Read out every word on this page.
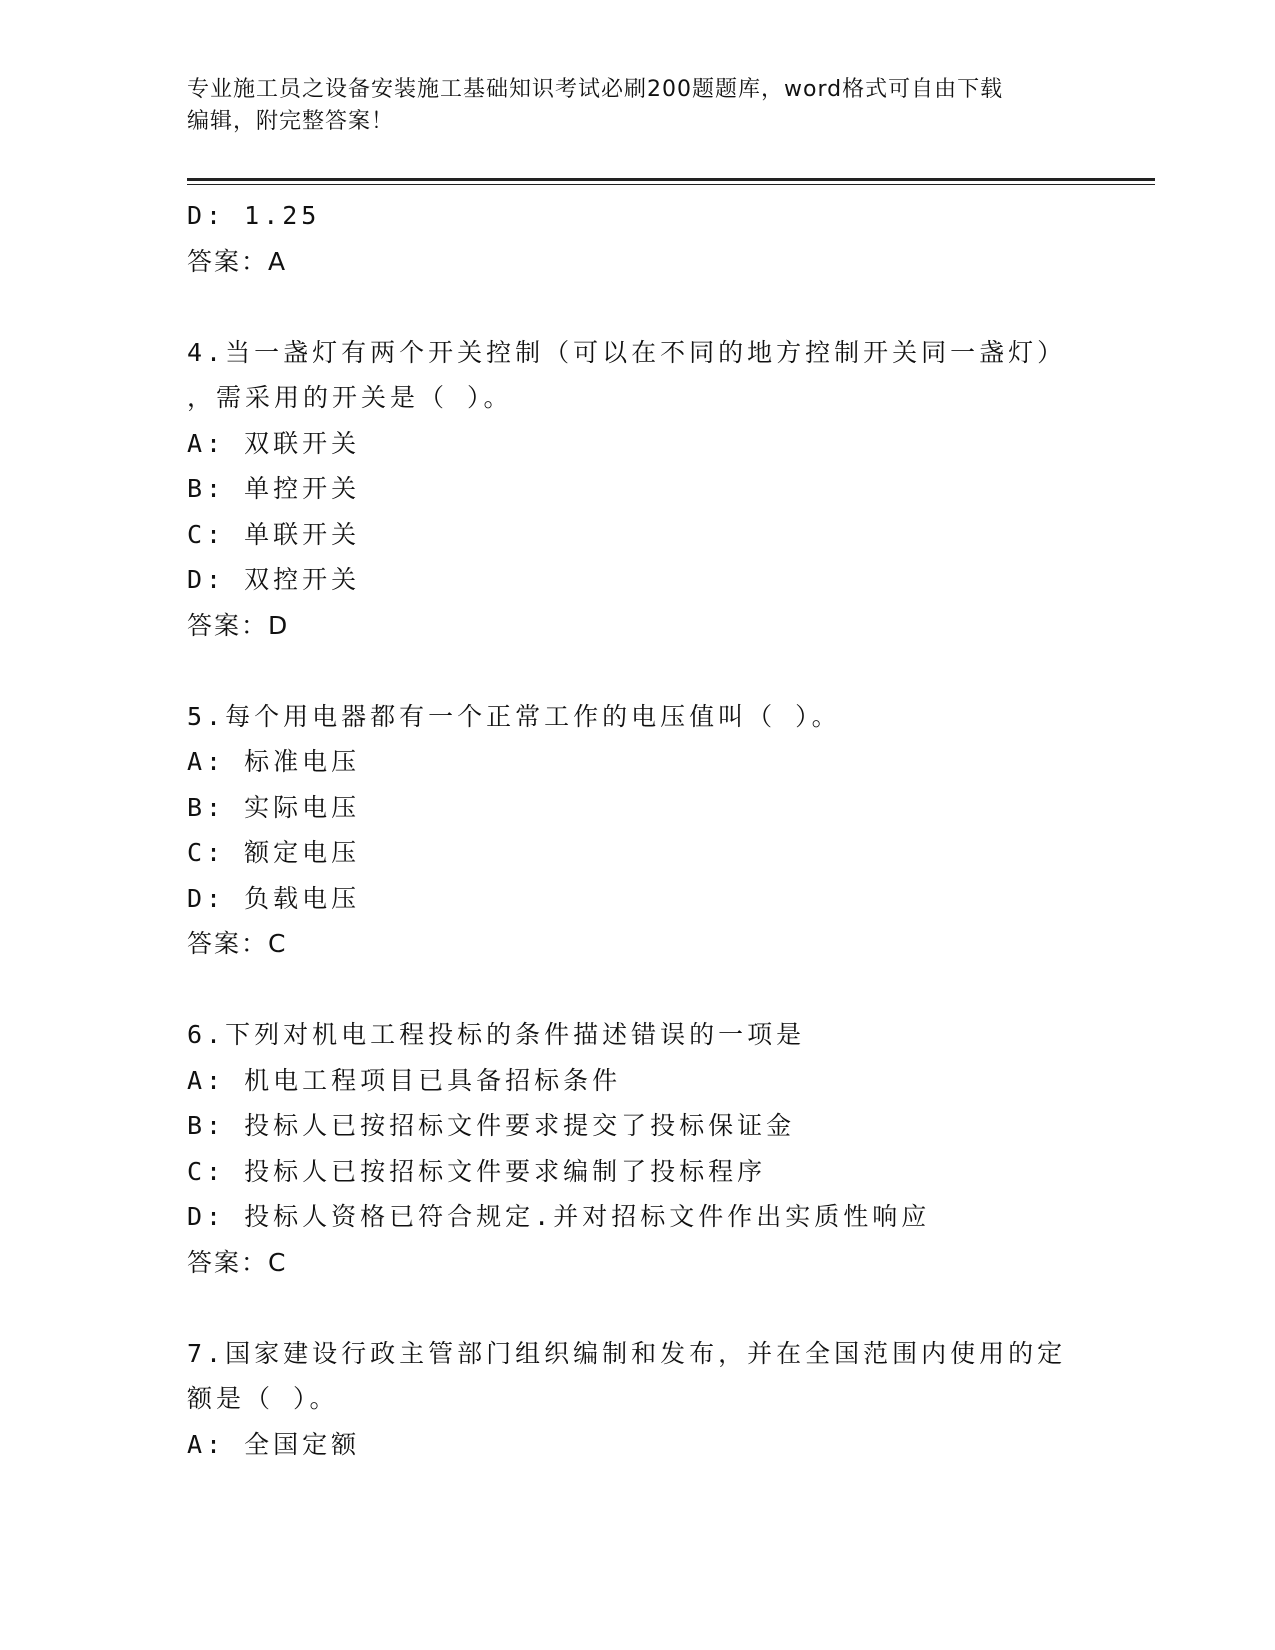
专业施工员之设备安装施工基础知识考试必刷200题题库，word格式可自由下载
编辑，附完整答案！
D: 1.25
答案：A
4.当一盏灯有两个开关控制（可以在不同的地方控制开关同一盏灯）
，需采用的开关是（ ）。
A: 双联开关
B: 单控开关
C: 单联开关
D: 双控开关
答案：D
5.每个用电器都有一个正常工作的电压值叫（ ）。
A: 标准电压
B: 实际电压
C: 额定电压
D: 负载电压
答案：C
6.下列对机电工程投标的条件描述错误的一项是
A: 机电工程项目已具备招标条件
B: 投标人已按招标文件要求提交了投标保证金
C: 投标人已按招标文件要求编制了投标程序
D: 投标人资格已符合规定.并对招标文件作出实质性响应
答案：C
7.国家建设行政主管部门组织编制和发布，并在全国范围内使用的定
额是（ ）。
A: 全国定额
